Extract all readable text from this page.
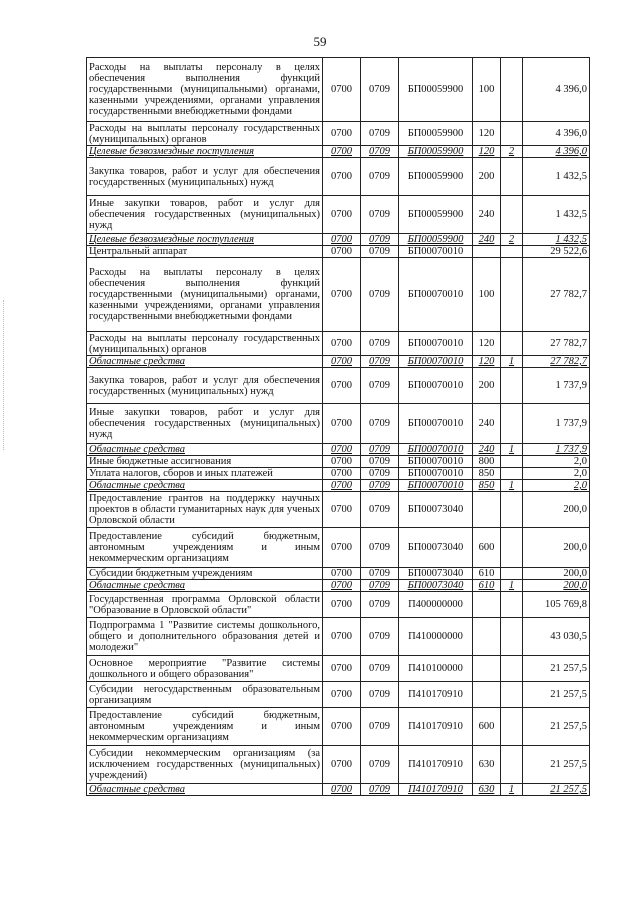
59
Расходы на выплаты персоналу в целях обеспечения выполнения функций государственными (муниципальными) органами, казенными учреждениями, органами управления государственными внебюджетными фондами	0700	0709	БП00059900	100		4 396,0
Расходы на выплаты персоналу государственных (муниципальных) органов	0700	0709	БП00059900	120		4 396,0
Целевые безвозмездные поступления	0700	0709	БП00059900	120	2	4 396,0
Закупка товаров, работ и услуг для обеспечения государственных (муниципальных) нужд	0700	0709	БП00059900	200		1 432,5
Иные закупки товаров, работ и услуг для обеспечения государственных (муниципальных) нужд	0700	0709	БП00059900	240		1 432,5
Целевые безвозмездные поступления	0700	0709	БП00059900	240	2	1 432,5
Центральный аппарат	0700	0709	БП00070010			29 522,6
Расходы на выплаты персоналу в целях обеспечения выполнения функций государственными (муниципальными) органами, казенными учреждениями, органами управления государственными внебюджетными фондами	0700	0709	БП00070010	100		27 782,7
Расходы на выплаты персоналу государственных (муниципальных) органов	0700	0709	БП00070010	120		27 782,7
Областные средства	0700	0709	БП00070010	120	1	27 782,7
Закупка товаров, работ и услуг для обеспечения государственных (муниципальных) нужд	0700	0709	БП00070010	200		1 737,9
Иные закупки товаров, работ и услуг для обеспечения государственных (муниципальных) нужд	0700	0709	БП00070010	240		1 737,9
Областные средства	0700	0709	БП00070010	240	1	1 737,9
Иные бюджетные ассигнования	0700	0709	БП00070010	800		2,0
Уплата налогов, сборов и иных платежей	0700	0709	БП00070010	850		2,0
Областные средства	0700	0709	БП00070010	850	1	2,0
Предоставление грантов на поддержку научных проектов в области гуманитарных наук для ученых Орловской области	0700	0709	БП00073040			200,0
Предоставление субсидий бюджетным, автономным учреждениям и иным некоммерческим организациям	0700	0709	БП00073040	600		200,0
Субсидии бюджетным учреждениям	0700	0709	БП00073040	610		200,0
Областные средства	0700	0709	БП00073040	610	1	200,0
Государственная программа Орловской области "Образование в Орловской области"	0700	0709	П400000000			105 769,8
Подпрограмма 1 "Развитие системы дошкольного, общего и дополнительного образования детей и молодежи"	0700	0709	П410000000			43 030,5
Основное мероприятие "Развитие системы дошкольного и общего образования"	0700	0709	П410100000			21 257,5
Субсидии негосударственным образовательным организациям	0700	0709	П410170910			21 257,5
Предоставление субсидий бюджетным, автономным учреждениям и иным некоммерческим организациям	0700	0709	П410170910	600		21 257,5
Субсидии некоммерческим организациям (за исключением государственных (муниципальных) учреждений)	0700	0709	П410170910	630		21 257,5
Областные средства	0700	0709	П410170910	630	1	21 257,5
